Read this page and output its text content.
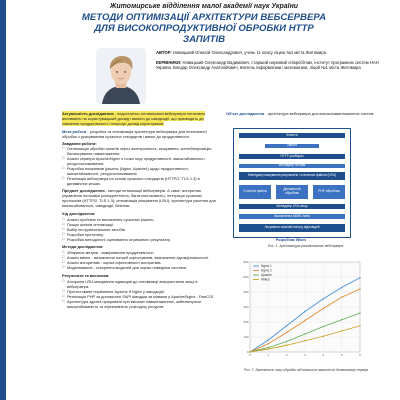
Житомирське відділення малої академії наук України
МЕТОДИ ОПТИМІЗАЦІЇ АРХІТЕКТУРИ ВЕБСЕРВЕРА
ДЛЯ ВИСОКОПРОДУКТИВНОЇ ОБРОБКИ HTTP
ЗАПИТІВ
АВТОР: Новицький Олексій Олександрович, учень 11 класу ліцею №1 міста Житомира
КЕРІВНИКИ: Новицький Олександр Вадимович, старший науковий співробітник, інститут програмних систем НАН України. Бондар Олександр Анатолійович, вчитель інформатики і математики, ліцей №1 міста Житомира
Актуальність дослідження - недостатньо оптимізовані вебсервери негативно впливають на користувацький досвід і вимоги до швидкодії, що призводить до зниження продуктивності і погіршує досвід користувачів.
Мета роботи - розробка та оптимізація архітектури вебсервера для інтенсивної обробки з урахуванням сучасних стандартів і вимог до продуктивності.
Завдання роботи:
□ Оптимізація обробки запитів через асинхронність, кешування, контейнеризацію, балансування навантаження.
□ Аналіз сервера Apache/Nginx з точки зору продуктивності, масштабованості, ресурсоспоживання.
□ Розробка показників (рішень (Nginx, Apache)) щодо продуктивності, масштабованості, ресурсоспоживання.
□ Реалізація вебсервера на основі сучасних стандартів (HTTP/2, TLS 1.3) в динамічних кешах.
Предмет дослідження - методи оптимізації вебсерверів. А саме: алгоритми управління потоками (конкурентність, багатопотоковість); інтеграція сучасних протоколів (HTTP/2, TLS 1.3); оптимізація кешування (LRU); архітектура рішення для масштабованості, швидкодії, безпеки.
Хід дослідження:
□ Аналіз проблем та визначення сучасних рішень.
□ Пошук шляхів оптимізації.
□ Вибір інструментальних засобів.
□ Розробка прототипу.
□ Розробка методології оцінювання отриманого результату.
Методи дослідження:
□ Збирання метрик - вимірювання продуктивності.
□ Аналіз вимог - визначення потреб користувачів, визначення функціональності.
□ Аналіз алгоритмів - оцінка ефективності алгоритмів.
□ Моделювання - створення моделей для оцінки поведінки системи.
Результати та висновки:
□ Алгоритм LRU-кешування підвищив до оптимізації використання кешу в вебсервера.
□ Протестоване порівняння Apache й Nginx у швидкодії.
□ Реалізація PHP за допомогою SAPI швидша за мовами у Apache/Nginx - FastCGI.
□ Архітектура здатна працювати при високих навантаженнях, забезпечуючи масштабованість та ефективність розподілу ресурсів.
Об'єкт дослідження - архітектура вебсервера для високонавантаженних систем.
Клієнти
Запити
HTTP-розбирач
Менеджер потоків
Менеджер кешування результатів і статичних файлів (LRU)
Статичні файли	Динамічний обробник	PHP-обробник
Менеджер LRU-кешу
Визначення MIME-типів
Логування запитів/статусу відповідей
Розробник Wikes
Рис. 1. Архітектура реалізованого вебсервера.
Nginx 1
Nginx 2
Apache
Wikes
0
100
200
300
400
500
600
0	1	2	3	4	5	6
Рис. 2. Залежність часу обробки від кількості запитів по довжинному сервері
